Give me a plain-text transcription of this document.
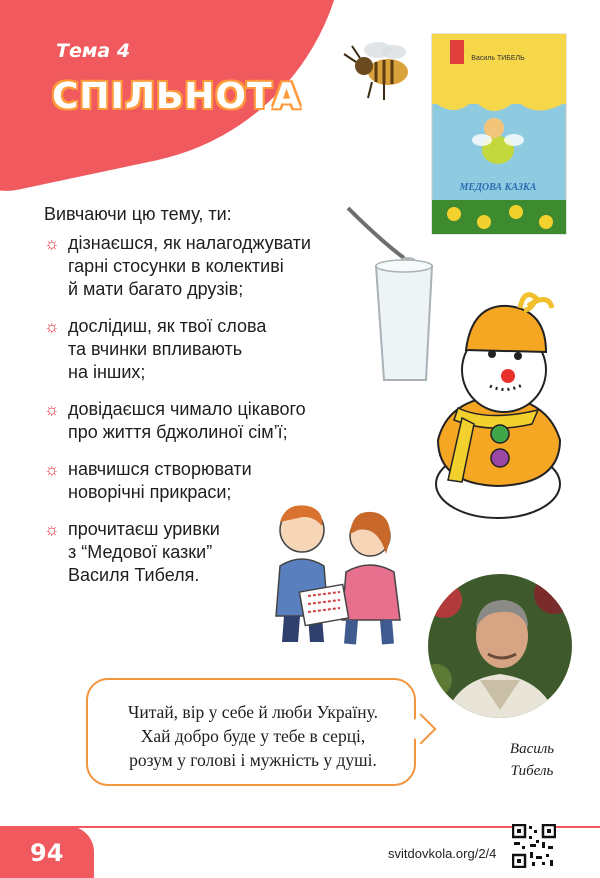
Тема 4
СПІЛЬНОТА
Василь ТИБЕЛЬ
МЕДОВА КАЗКА
Вивчаючи цю тему, ти:
☼ дізнаєшся, як налагоджувати
гарні стосунки в колективі
й мати багато друзів;
☼ дослідиш, як твої слова
та вчинки впливають
на інших;
☼ довідаєшся чимало цікавого
про життя бджолиної сім’ї;
☼ навчишся створювати
новорічні прикраси;
☼ прочитаєш уривки
з “Медової казки”
Василя Тибеля.
Читай, вір у себе й люби Україну.
Хай добро буде у тебе в серці,
розум у голові і мужність у душі.
Василь
Тибель
94	svitdovkola.org/2/4
